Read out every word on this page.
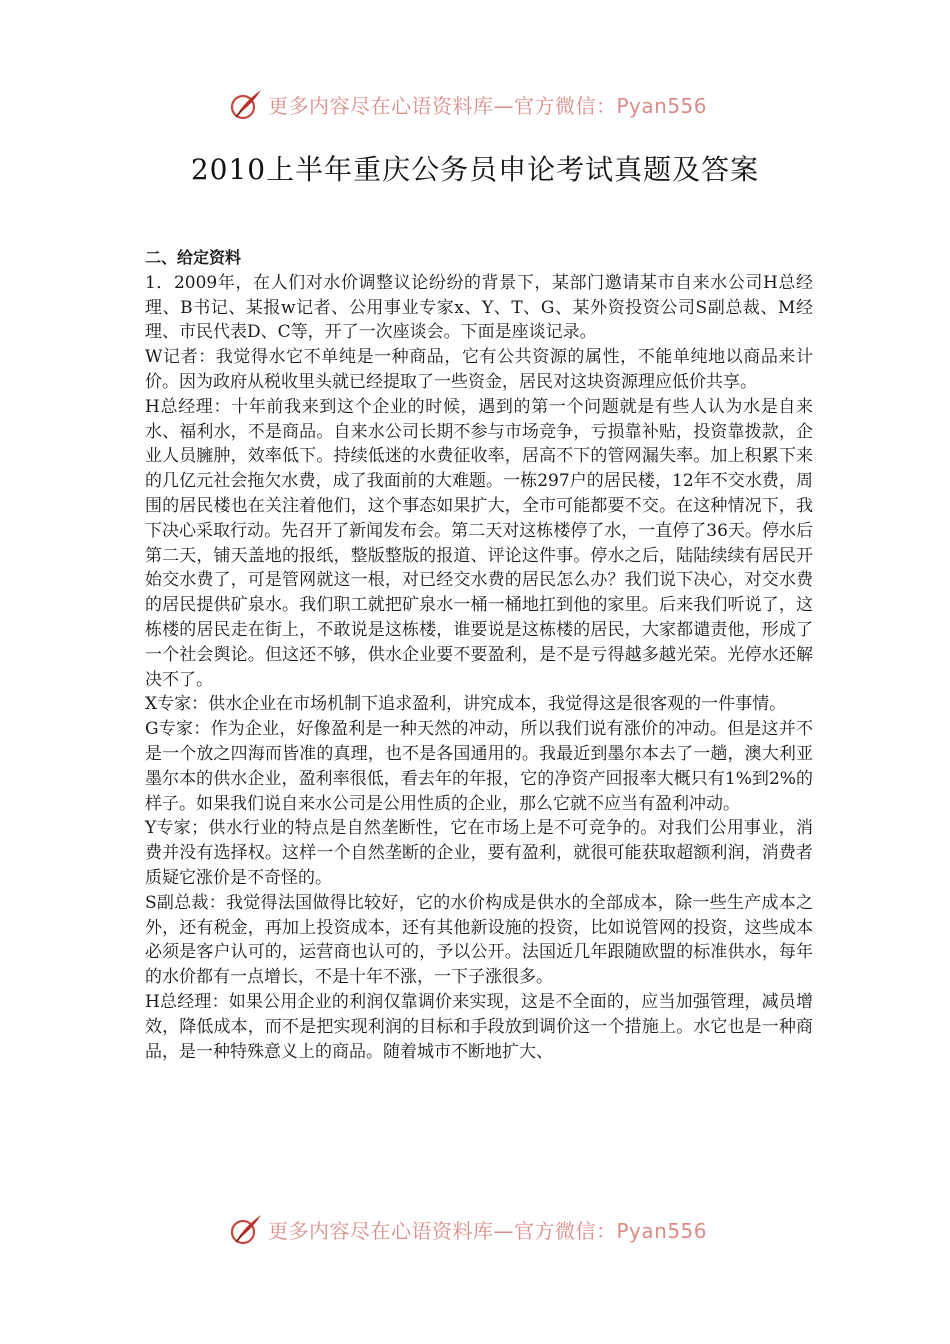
更多内容尽在心语资料库—官方微信：Pyan556
2010上半年重庆公务员申论考试真题及答案

二、给定资料

1．2009年，在人们对水价调整议论纷纷的背景下，某部门邀请某市自来水公司H总经理、B书记、某报w记者、公用事业专家x、Y、T、G、某外资投资公司S副总裁、M经理、市民代表D、C等，开了一次座谈会。下面是座谈记录。

W记者：我觉得水它不单纯是一种商品，它有公共资源的属性，不能单纯地以商品来计价。因为政府从税收里头就已经提取了一些资金，居民对这块资源理应低价共享。

H总经理：十年前我来到这个企业的时候，遇到的第一个问题就是有些人认为水是自来水、福利水，不是商品。自来水公司长期不参与市场竞争，亏损靠补贴，投资靠拨款，企业人员臃肿，效率低下。持续低迷的水费征收率，居高不下的管网漏失率。加上积累下来的几亿元社会拖欠水费，成了我面前的大难题。一栋297户的居民楼，12年不交水费，周围的居民楼也在关注着他们，这个事态如果扩大，全市可能都要不交。在这种情况下，我下决心采取行动。先召开了新闻发布会。第二天对这栋楼停了水，一直停了36天。停水后第二天，铺天盖地的报纸，整版整版的报道、评论这件事。停水之后，陆陆续续有居民开始交水费了，可是管网就这一根，对已经交水费的居民怎么办？我们说下决心，对交水费的居民提供矿泉水。我们职工就把矿泉水一桶一桶地扛到他的家里。后来我们听说了，这栋楼的居民走在街上，不敢说是这栋楼，谁要说是这栋楼的居民，大家都谴责他，形成了一个社会舆论。但这还不够，供水企业要不要盈利，是不是亏得越多越光荣。光停水还解决不了。

X专家：供水企业在市场机制下追求盈利，讲究成本，我觉得这是很客观的一件事情。

G专家：作为企业，好像盈利是一种天然的冲动，所以我们说有涨价的冲动。但是这并不是一个放之四海而皆准的真理，也不是各国通用的。我最近到墨尔本去了一趟，澳大利亚墨尔本的供水企业，盈利率很低，看去年的年报，它的净资产回报率大概只有1%到2%的样子。如果我们说自来水公司是公用性质的企业，那么它就不应当有盈利冲动。

Y专家；供水行业的特点是自然垄断性，它在市场上是不可竞争的。对我们公用事业，消费并没有选择权。这样一个自然垄断的企业，要有盈利，就很可能获取超额利润，消费者质疑它涨价是不奇怪的。

S副总裁：我觉得法国做得比较好，它的水价构成是供水的全部成本，除一些生产成本之外，还有税金，再加上投资成本，还有其他新设施的投资，比如说管网的投资，这些成本必须是客户认可的，运营商也认可的，予以公开。法国近几年跟随欧盟的标准供水，每年的水价都有一点增长，不是十年不涨，一下子涨很多。

H总经理：如果公用企业的利润仅靠调价来实现，这是不全面的，应当加强管理，减员增效，降低成本，而不是把实现利润的目标和手段放到调价这一个措施上。水它也是一种商品，是一种特殊意义上的商品。随着城市不断地扩大、

更多内容尽在心语资料库—官方微信：Pyan556
